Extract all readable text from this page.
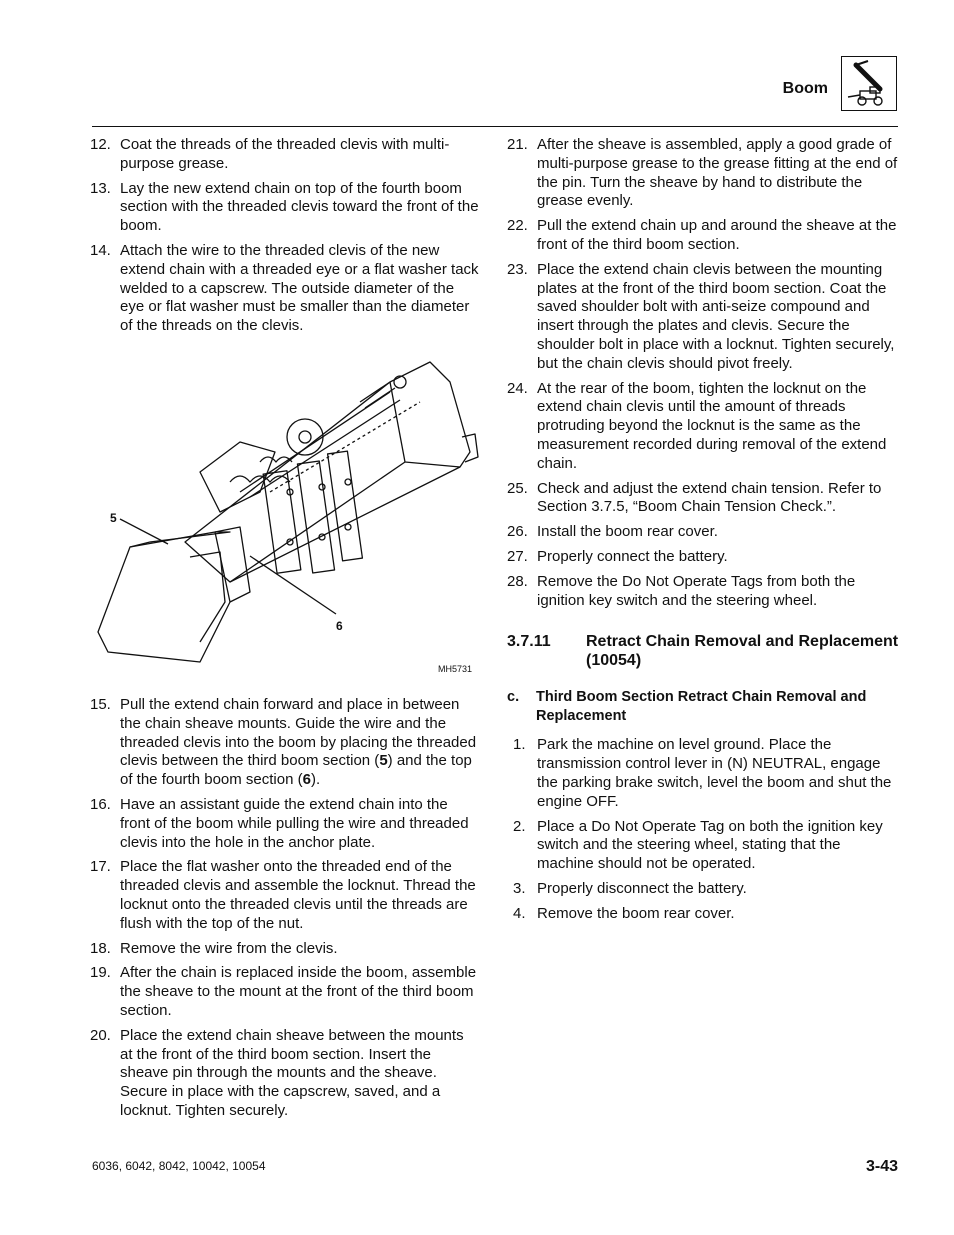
Boom
12. Coat the threads of the threaded clevis with multi-purpose grease.
13. Lay the new extend chain on top of the fourth boom section with the threaded clevis toward the front of the boom.
14. Attach the wire to the threaded clevis of the new extend chain with a threaded eye or a flat washer tack welded to a capscrew. The outside diameter of the eye or flat washer must be smaller than the diameter of the threads on the clevis.
5
6
MH5731
15. Pull the extend chain forward and place in between the chain sheave mounts. Guide the wire and the threaded clevis into the boom by placing the threaded clevis between the third boom section (5) and the top of the fourth boom section (6).
16. Have an assistant guide the extend chain into the front of the boom while pulling the wire and threaded clevis into the hole in the anchor plate.
17. Place the flat washer onto the threaded end of the threaded clevis and assemble the locknut. Thread the locknut onto the threaded clevis until the threads are flush with the top of the nut.
18. Remove the wire from the clevis.
19. After the chain is replaced inside the boom, assemble the sheave to the mount at the front of the third boom section.
20. Place the extend chain sheave between the mounts at the front of the third boom section. Insert the sheave pin through the mounts and the sheave. Secure in place with the capscrew, saved, and a locknut. Tighten securely.
21. After the sheave is assembled, apply a good grade of multi-purpose grease to the grease fitting at the end of the pin. Turn the sheave by hand to distribute the grease evenly.
22. Pull the extend chain up and around the sheave at the front of the third boom section.
23. Place the extend chain clevis between the mounting plates at the front of the third boom section. Coat the saved shoulder bolt with anti-seize compound and insert through the plates and clevis. Secure the shoulder bolt in place with a locknut. Tighten securely, but the chain clevis should pivot freely.
24. At the rear of the boom, tighten the locknut on the extend chain clevis until the amount of threads protruding beyond the locknut is the same as the measurement recorded during removal of the extend chain.
25. Check and adjust the extend chain tension. Refer to Section 3.7.5, “Boom Chain Tension Check.”.
26. Install the boom rear cover.
27. Properly connect the battery.
28. Remove the Do Not Operate Tags from both the ignition key switch and the steering wheel.
3.7.11	Retract Chain Removal and Replacement (10054)
c.	Third Boom Section Retract Chain Removal and Replacement
1. Park the machine on level ground. Place the transmission control lever in (N) NEUTRAL, engage the parking brake switch, level the boom and shut the engine OFF.
2. Place a Do Not Operate Tag on both the ignition key switch and the steering wheel, stating that the machine should not be operated.
3. Properly disconnect the battery.
4. Remove the boom rear cover.
6036, 6042, 8042, 10042, 10054	3-43
